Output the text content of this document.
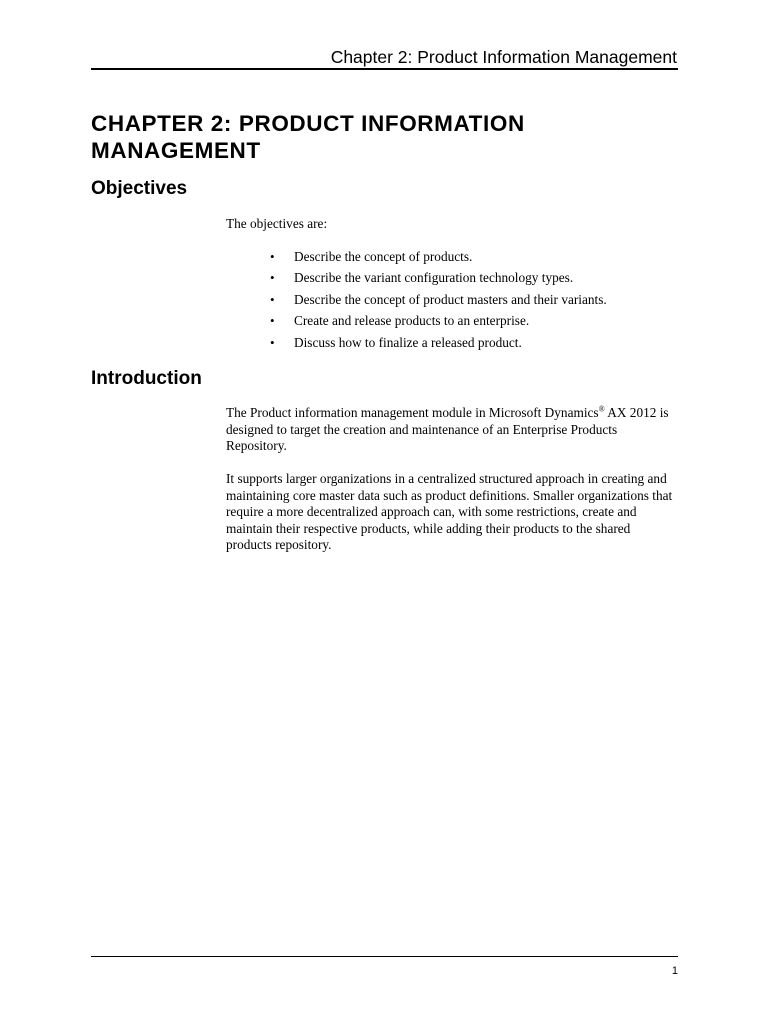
Chapter 2: Product Information Management
CHAPTER 2: PRODUCT INFORMATION MANAGEMENT
Objectives

The objectives are:

• Describe the concept of products.
• Describe the variant configuration technology types.
• Describe the concept of product masters and their variants.
• Create and release products to an enterprise.
• Discuss how to finalize a released product.
Introduction

The Product information management module in Microsoft Dynamics® AX 2012 is designed to target the creation and maintenance of an Enterprise Products Repository.

It supports larger organizations in a centralized structured approach in creating and maintaining core master data such as product definitions. Smaller organizations that require a more decentralized approach can, with some restrictions, create and maintain their respective products, while adding their products to the shared products repository.

1
